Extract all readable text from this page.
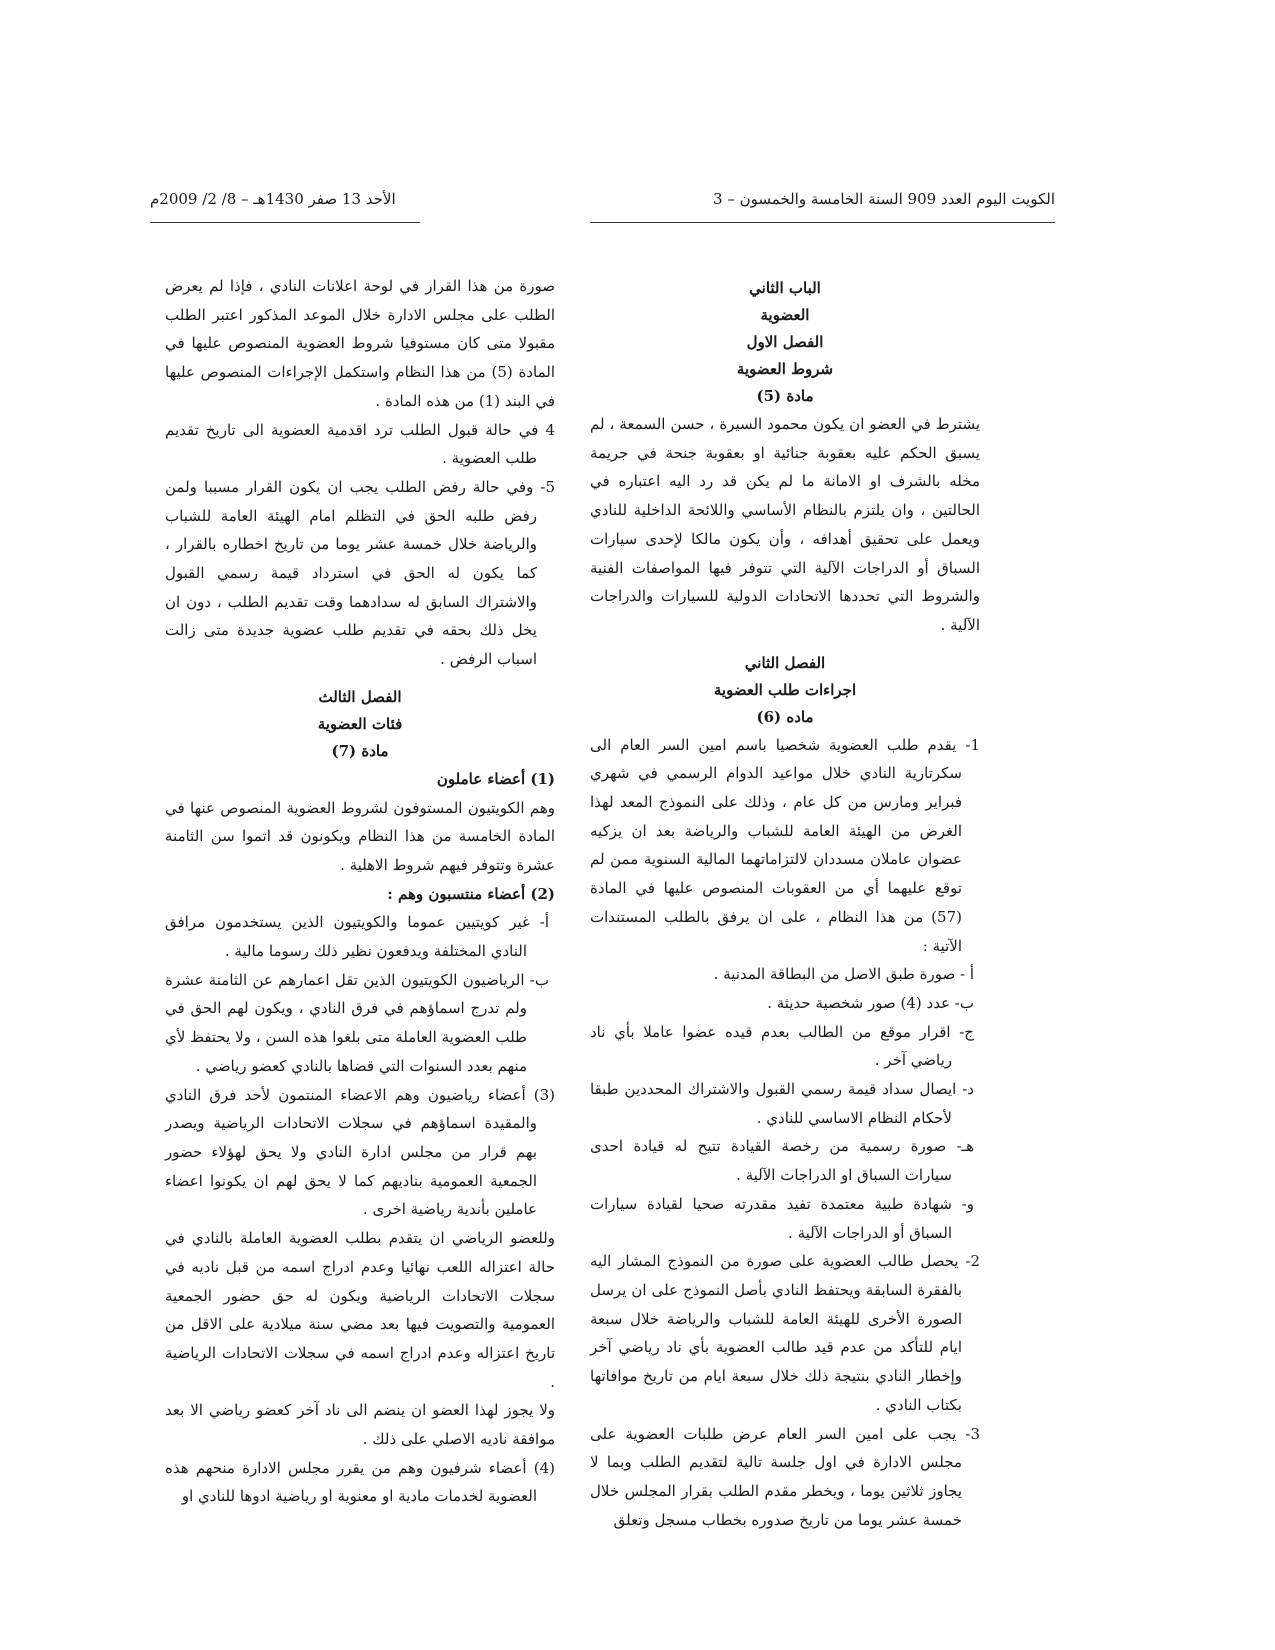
الكويت اليوم العدد 909 السنة الخامسة والخمسون – 3
الأحد 13 صفر 1430هـ – 8/ 2/ 2009م

الباب الثاني

العضوية

الفصل الاول

شروط العضوية

مادة (5)

يشترط في العضو ان يكون محمود السيرة ، حسن السمعة ، لم يسبق الحكم عليه بعقوبة جنائية او بعقوبة جنحة في جريمة مخله بالشرف او الامانة ما لم يكن قد رد اليه اعتباره في الحالتين ، وان يلتزم بالنظام الأساسي واللائحة الداخلية للنادي ويعمل على تحقيق أهدافه ، وأن يكون مالكا لإحدى سيارات السباق أو الدراجات الآلية التي تتوفر فيها المواصفات الفنية والشروط التي تحددها الاتحادات الدولية للسيارات والدراجات الآلية .

الفصل الثاني

اجراءات طلب العضوية

ماده (6)

1- يقدم طلب العضوية شخصيا باسم امين السر العام الى سكرتارية النادي خلال مواعيد الدوام الرسمي في شهري فبراير ومارس من كل عام ، وذلك على النموذج المعد لهذا الغرض من الهيئة العامة للشباب والرياضة بعد ان يزكيه عضوان عاملان مسددان لالتزاماتهما المالية السنوية ممن لم توقع عليهما أي من العقوبات المنصوص عليها في المادة (57) من هذا النظام ، على ان يرفق بالطلب المستندات الآتية :

أ - صورة طبق الاصل من البطاقة المدنية .

ب- عدد (4) صور شخصية حديثة .

ج- اقرار موقع من الطالب بعدم قيده عضوا عاملا بأي ناد رياضي آخر .

د- ايصال سداد قيمة رسمي القبول والاشتراك المحددين طبقا لأحكام النظام الاساسي للنادي .

هـ- صورة رسمية من رخصة القيادة تتيح له قيادة احدى سيارات السباق او الدراجات الآلية .

و- شهادة طبية معتمدة تفيد مقدرته صحيا لقيادة سيارات السباق أو الدراجات الآلية .

2- يحصل طالب العضوية على صورة من النموذج المشار اليه بالفقرة السابقة ويحتفظ النادي بأصل النموذج على ان يرسل الصورة الأخرى للهيئة العامة للشباب والرياضة خلال سبعة ايام للتأكد من عدم قيد طالب العضوية بأي ناد رياضي آخر وإخطار النادي بنتيجة ذلك خلال سبعة ايام من تاريخ موافاتها بكتاب النادي .

3- يجب على امين السر العام عرض طلبات العضوية على مجلس الادارة في اول جلسة تالية لتقديم الطلب وبما لا يجاوز ثلاثين يوما ، ويخطر مقدم الطلب بقرار المجلس خلال خمسة عشر يوما من تاريخ صدوره بخطاب مسجل وتعلق

صورة من هذا القرار في لوحة اعلانات النادي ، فإذا لم يعرض الطلب على مجلس الادارة خلال الموعد المذكور اعتبر الطلب مقبولا متى كان مستوفيا شروط العضوية المنصوص عليها في المادة (5) من هذا النظام واستكمل الإجراءات المنصوص عليها في البند (1) من هذه المادة .

4 في حالة قبول الطلب ترد اقدمية العضوية الى تاريخ تقديم طلب العضوية .

5- وفي حالة رفض الطلب يجب ان يكون القرار مسببا ولمن رفض طلبه الحق في التظلم امام الهيئة العامة للشباب والرياضة خلال خمسة عشر يوما من تاريخ اخطاره بالقرار ، كما يكون له الحق في استرداد قيمة رسمي القبول والاشتراك السابق له سدادهما وقت تقديم الطلب ، دون ان يخل ذلك بحقه في تقديم طلب عضوية جديدة متى زالت اسباب الرفض .

الفصل الثالث

فئات العضوية

مادة (7)

(1) أعضاء عاملون

وهم الكويتيون المستوفون لشروط العضوية المنصوص عنها في المادة الخامسة من هذا النظام ويكونون قد اتموا سن الثامنة عشرة وتتوفر فيهم شروط الاهلية .

(2) أعضاء منتسبون وهم :

أ- غير كويتيين عموما والكويتيون الذين يستخدمون مرافق النادي المختلفة ويدفعون نظير ذلك رسوما مالية .

ب- الرياضيون الكويتيون الذين تقل اعمارهم عن الثامنة عشرة ولم تدرج اسماؤهم في فرق النادي ، ويكون لهم الحق في طلب العضوية العاملة متى بلغوا هذه السن ، ولا يحتفظ لأي منهم بعدد السنوات التي قضاها بالنادي كعضو رياضي .

(3) أعضاء رياضيون وهم الاعضاء المنتمون لأحد فرق النادي والمقيدة اسماؤهم في سجلات الاتحادات الرياضية ويصدر بهم قرار من مجلس ادارة النادي ولا يحق لهؤلاء حضور الجمعية العمومية بناديهم كما لا يحق لهم ان يكونوا اعضاء عاملين بأندية رياضية اخرى .

وللعضو الرياضي ان يتقدم بطلب العضوية العاملة بالنادي في حالة اعتزاله اللعب نهائيا وعدم ادراج اسمه من قبل ناديه في سجلات الاتحادات الرياضية ويكون له حق حضور الجمعية العمومية والتصويت فيها بعد مضي سنة ميلادية على الاقل من تاريخ اعتزاله وعدم ادراج اسمه في سجلات الاتحادات الرياضية .

ولا يجوز لهذا العضو ان ينضم الى ناد آخر كعضو رياضي الا بعد موافقة ناديه الاصلي على ذلك .

(4) أعضاء شرفيون وهم من يقرر مجلس الادارة منحهم هذه العضوية لخدمات مادية او معنوية او رياضية ادوها للنادي او
